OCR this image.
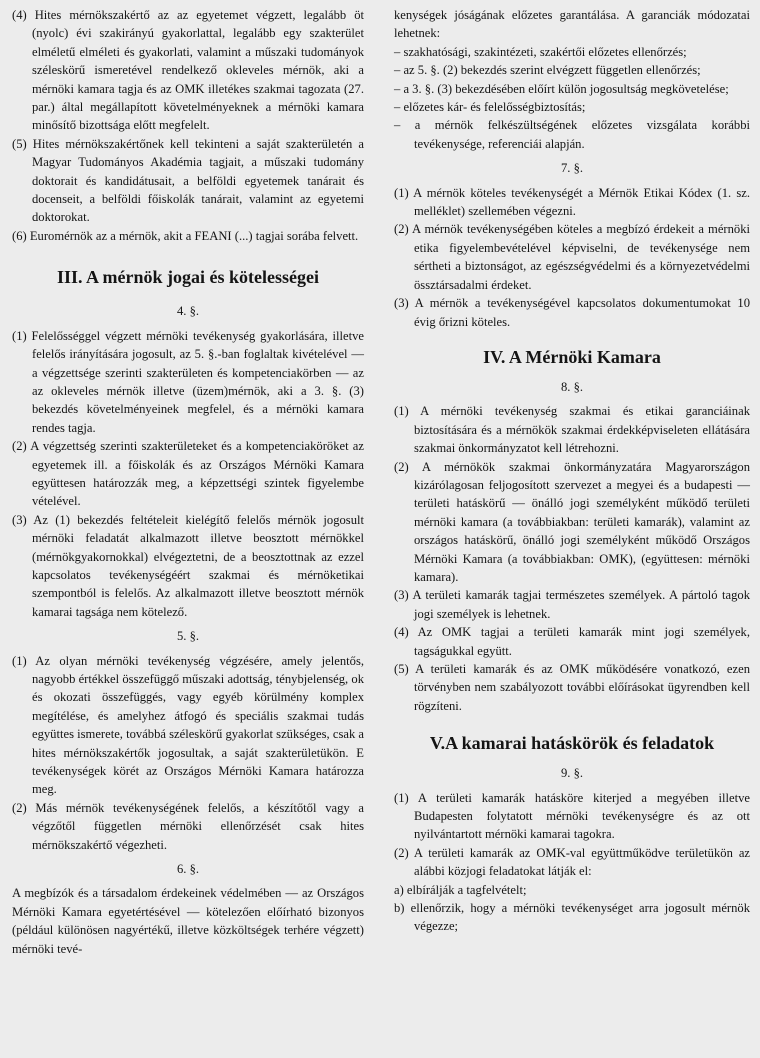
(4) Hites mérnökszakértő az az egyetemet végzett, legalább öt (nyolc) évi szakirányú gyakorlattal, legalább egy szakterület elméletű elméleti és gyakorlati, valamint a műszaki tudományok széleskörű ismeretével rendelkező okleveles mérnök, aki a mérnöki kamara tagja és az OMK illetékes szakmai tagozata (27. par.) által megállapított követelményeknek a mérnöki kamara minősítő bizottsága előtt megfelelt.

(5) Hites mérnökszakértőnek kell tekinteni a saját szakterületén a Magyar Tudományos Akadémia tagjait, a műszaki tudomány doktorait és kandidátusait, a belföldi egyetemek tanárait és docenseit, a belföldi főiskolák tanárait, valamint az egyetemi doktorokat.

(6) Euromérnök az a mérnök, akit a FEANI (...) tagjai sorába felvett.

III. A mérnök jogai és kötelességei
4. §.

(1) Felelősséggel végzett mérnöki tevékenység gyakorlására, illetve felelős irányítására jogosult, az 5. §.-ban foglaltak kivételével — a végzettsége szerinti szakterületen és kompetenciakörben — az az okleveles mérnök illetve (üzem)mérnök, aki a 3. §. (3) bekezdés követelményeinek megfelel, és a mérnöki kamara rendes tagja.

(2) A végzettség szerinti szakterületeket és a kompetenciaköröket az egyetemek ill. a főiskolák és az Országos Mérnöki Kamara együttesen határozzák meg, a képzettségi szintek figyelembe vételével.

(3) Az (1) bekezdés feltételeit kielégítő felelős mérnök jogosult mérnöki feladatát alkalmazott illetve beosztott mérnökkel (mérnökgyakornokkal) elvégeztetni, de a beosztottnak az ezzel kapcsolatos tevékenységéért szakmai és mérnöketikai szempontból is felelős. Az alkalmazott illetve beosztott mérnök kamarai tagsága nem kötelező.

5. §.

(1) Az olyan mérnöki tevékenység végzésére, amely jelentős, nagyobb értékkel összefüggő műszaki adottság, ténybjelenség, ok és okozati összefüggés, vagy egyéb körülmény komplex megítélése, és amelyhez átfogó és speciális szakmai tudás együttes ismerete, továbbá széleskörű gyakorlat szükséges, csak a hites mérnökszakértők jogosultak, a saját szakterületükön. E tevékenységek körét az Országos Mérnöki Kamara határozza meg.

(2) Más mérnök tevékenységének felelős, a készítőtől vagy a végzőtől független mérnöki ellenőrzését csak hites mérnökszakértő végezheti.

6. §.

A megbízók és a társadalom érdekeinek védelmében — az Országos Mérnöki Kamara egyetértésével — kötelezően előírható bizonyos (például különösen nagyértékű, illetve közköltségek terhére végzett) mérnöki tevé-

kenységek jóságának előzetes garantálása. A garanciák módozatai lehetnek:

– szakhatósági, szakintézeti, szakértői előzetes ellenőrzés;

– az 5. §. (2) bekezdés szerint elvégzett független ellenőrzés;

– a 3. §. (3) bekezdésében előírt külön jogosultság megkövetelése;

– előzetes kár- és felelősségbiztosítás;

– a mérnök felkészültségének előzetes vizsgálata korábbi tevékenysége, referenciái alapján.

7. §.

(1) A mérnök köteles tevékenységét a Mérnök Etikai Kódex (1. sz. melléklet) szellemében végezni.

(2) A mérnök tevékenységében köteles a megbízó érdekeit a mérnöki etika figyelembevételével képviselni, de tevékenysége nem sértheti a biztonságot, az egészségvédelmi és a környezetvédelmi össztársadalmi érdeket.

(3) A mérnök a tevékenységével kapcsolatos dokumentumokat 10 évig őrizni köteles.

IV. A Mérnöki Kamara
8. §.

(1) A mérnöki tevékenység szakmai és etikai garanciáinak biztosítására és a mérnökök szakmai érdekképviseleten ellátására szakmai önkormányzatot kell létrehozni.

(2) A mérnökök szakmai önkormányzatára Magyarországon kizárólagosan feljogosított szervezet a megyei és a budapesti — területi hatáskörű — önálló jogi személyként működő területi mérnöki kamara (a továbbiakban: területi kamarák), valamint az országos hatáskörű, önálló jogi személyként működő Országos Mérnöki Kamara (a továbbiakban: OMK), (együttesen: mérnöki kamara).

(3) A területi kamarák tagjai természetes személyek. A pártoló tagok jogi személyek is lehetnek.

(4) Az OMK tagjai a területi kamarák mint jogi személyek, tagságukkal együtt.

(5) A területi kamarák és az OMK működésére vonatkozó, ezen törvényben nem szabályozott további előírásokat ügyrendben kell rögzíteni.

V.A kamarai hatáskörök és feladatok
9. §.

(1) A területi kamarák hatásköre kiterjed a megyében illetve Budapesten folytatott mérnöki tevékenységre és az ott nyilvántartott mérnöki kamarai tagokra.

(2) A területi kamarák az OMK-val együttműködve területükön az alábbi közjogi feladatokat látják el:

a) elbírálják a tagfelvételt;

b) ellenőrzik, hogy a mérnöki tevékenységet arra jogosult mérnök végezze;
